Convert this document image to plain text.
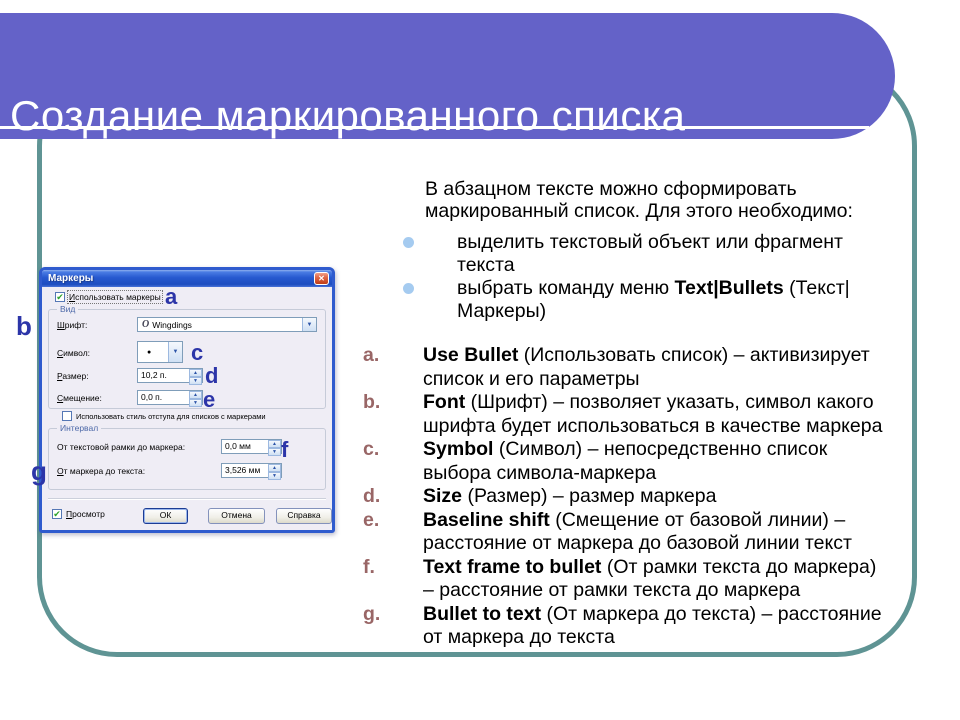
Создание маркированного списка
В абзацном тексте можно сформировать маркированный список. Для этого необходимо:
выделить текстовый объект или фрагмент
текста
выбрать команду меню Text|Bullets (Текст|
Маркеры)
a. Use Bullet (Использовать список) – активизирует
список и его параметры
b. Font (Шрифт) – позволяет указать, символ какого
шрифта будет использоваться в качестве маркера
c. Symbol (Символ) – непосредственно список
выбора символа-маркера
d. Size (Размер) – размер маркера
e. Baseline shift (Смещение от базовой линии) –
расстояние от маркера до базовой линии текст
f. Text frame to bullet (От рамки текста до маркера)
– расстояние от рамки текста до маркера
g. Bullet to text (От маркера до текста) – расстояние
от маркера до текста
Маркеры	✕
✔ Использовать маркеры
Вид
Шрифт:	O Wingdings	▼
Символ:	●	▼
Размер:	10,2 п.	▲
▼
Смещение:	0,0 п.	▲
▼
Использовать стиль отступа для списков с маркерами
Интервал
От текстовой рамки до маркера:	0,0 мм	▲
▼
От маркера до текста:	3,526 мм	▲
▼
✔ Просмотр	ОК	Отмена	Справка
a
b
c
d
e
f
g
